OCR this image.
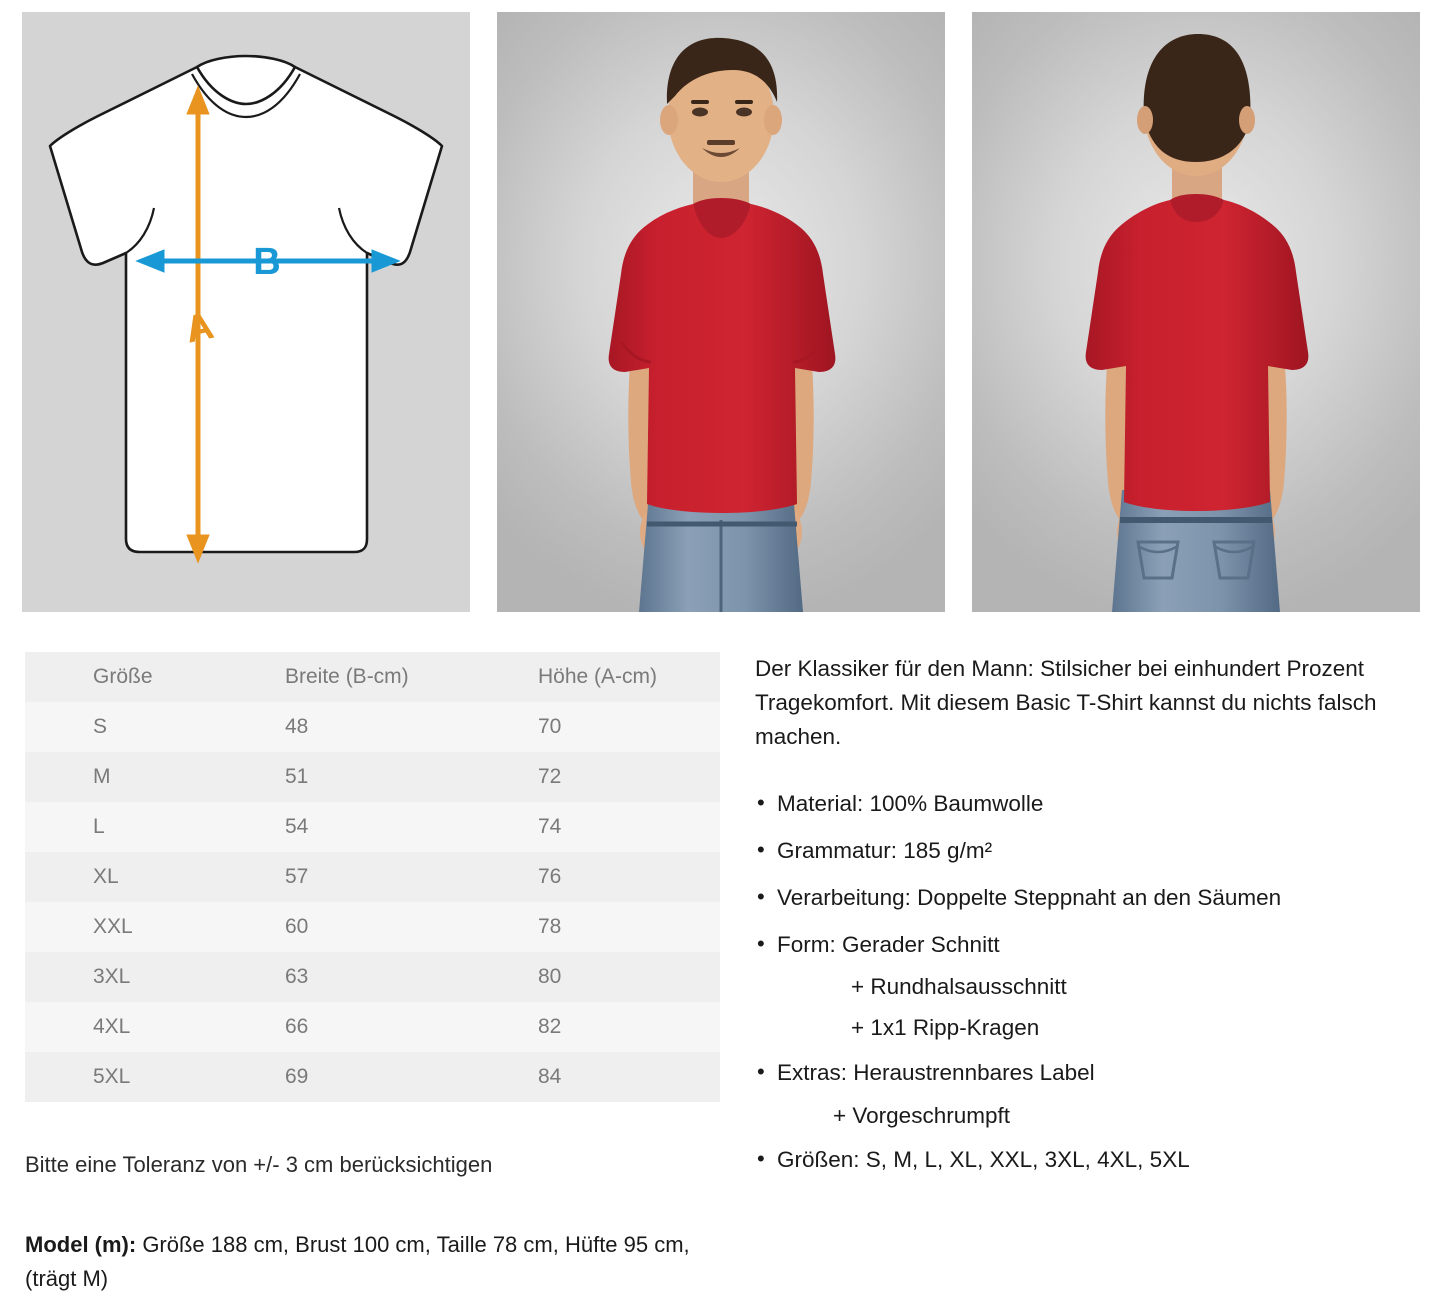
B
A
Größe	Breite (B-cm)	Höhe (A-cm)
S	48	70
M	51	72
L	54	74
XL	57	76
XXL	60	78
3XL	63	80
4XL	66	82
5XL	69	84
Bitte eine Toleranz von +/- 3 cm berücksichtigen
Model (m): Größe 188 cm, Brust 100 cm, Taille 78 cm, Hüfte 95 cm, (trägt M)

Der Klassiker für den Mann: Stilsicher bei einhundert Prozent Tragekomfort. Mit diesem Basic T-Shirt kannst du nichts falsch machen.

• Material: 100% Baumwolle
• Grammatur: 185 g/m²
• Verarbeitung: Doppelte Steppnaht an den Säumen
• Form: Gerader Schnitt
+ Rundhalsausschnitt
+ 1x1 Ripp-Kragen
• Extras: Heraustrennbares Label
+ Vorgeschrumpft
• Größen: S, M, L, XL, XXL, 3XL, 4XL, 5XL
